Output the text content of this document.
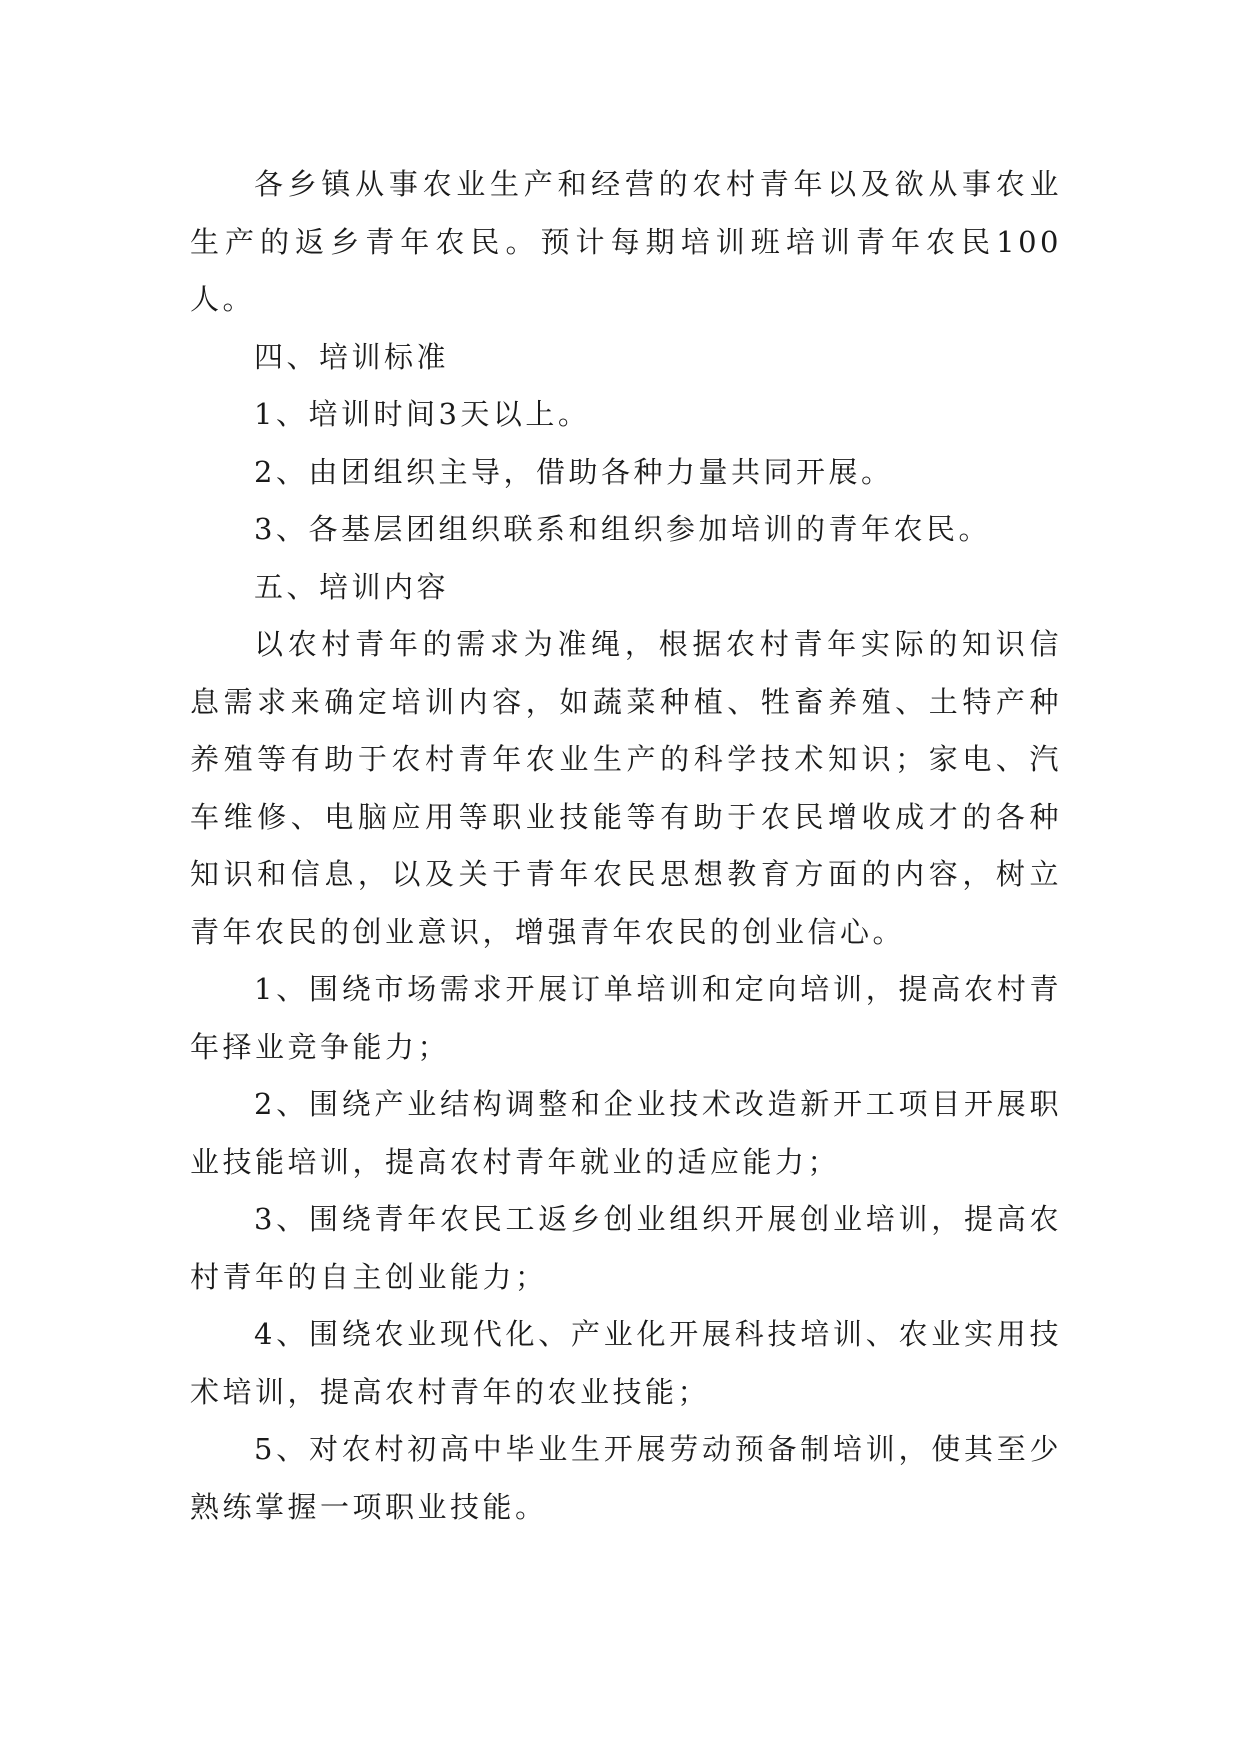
各乡镇从事农业生产和经营的农村青年以及欲从事农业生产的返乡青年农民。预计每期培训班培训青年农民100人。

四、培训标准

1、培训时间3天以上。

2、由团组织主导，借助各种力量共同开展。

3、各基层团组织联系和组织参加培训的青年农民。

五、培训内容

以农村青年的需求为准绳，根据农村青年实际的知识信息需求来确定培训内容，如蔬菜种植、牲畜养殖、土特产种养殖等有助于农村青年农业生产的科学技术知识；家电、汽车维修、电脑应用等职业技能等有助于农民增收成才的各种知识和信息，以及关于青年农民思想教育方面的内容，树立青年农民的创业意识，增强青年农民的创业信心。

1、围绕市场需求开展订单培训和定向培训，提高农村青年择业竞争能力；

2、围绕产业结构调整和企业技术改造新开工项目开展职业技能培训，提高农村青年就业的适应能力；

3、围绕青年农民工返乡创业组织开展创业培训，提高农村青年的自主创业能力；

4、围绕农业现代化、产业化开展科技培训、农业实用技术培训，提高农村青年的农业技能；

5、对农村初高中毕业生开展劳动预备制培训，使其至少熟练掌握一项职业技能。
